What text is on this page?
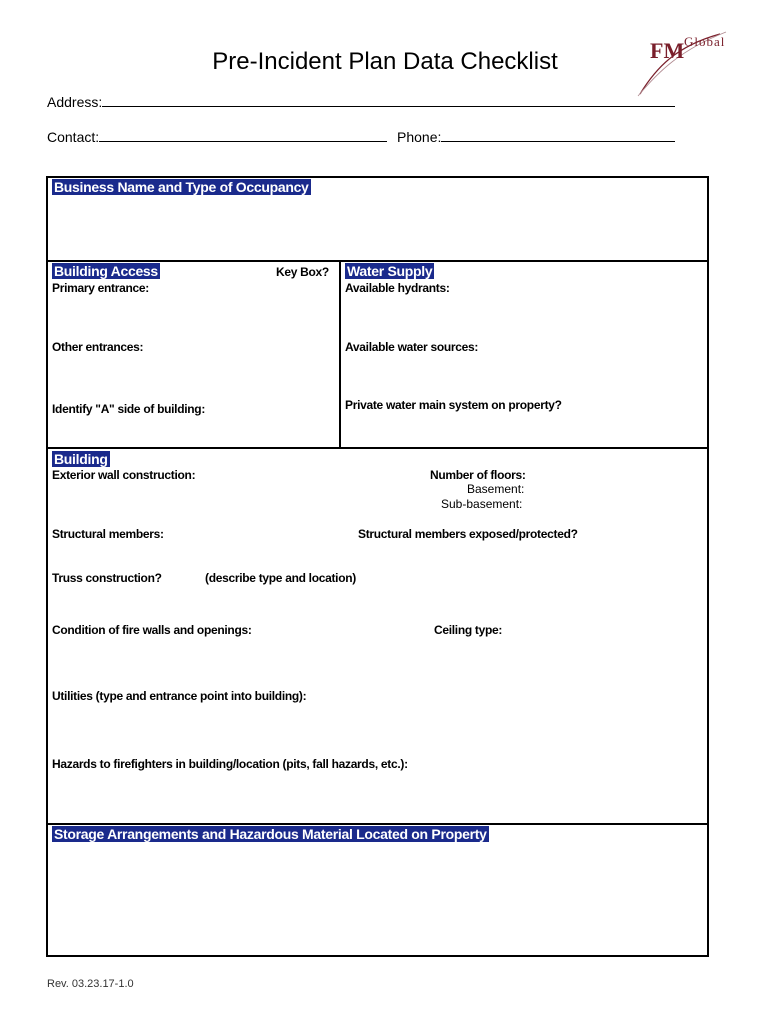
Pre-Incident Plan Data Checklist	FM Global
Address:
Contact:	Phone:
Business Name and Type of Occupancy
Building Access	Key Box?
Primary entrance:
Other entrances:
Identify "A" side of building:
Water Supply
Available hydrants:
Available water sources:
Private water main system on property?
Building
Exterior wall construction:	Number of floors:
Basement:
Sub-basement:
Structural members:	Structural members exposed/protected?
Truss construction?	(describe type and location)
Condition of fire walls and openings:	Ceiling type:
Utilities (type and entrance point into building):
Hazards to firefighters in building/location (pits, fall hazards, etc.):
Storage Arrangements and Hazardous Material Located on Property
Rev. 03.23.17-1.0
